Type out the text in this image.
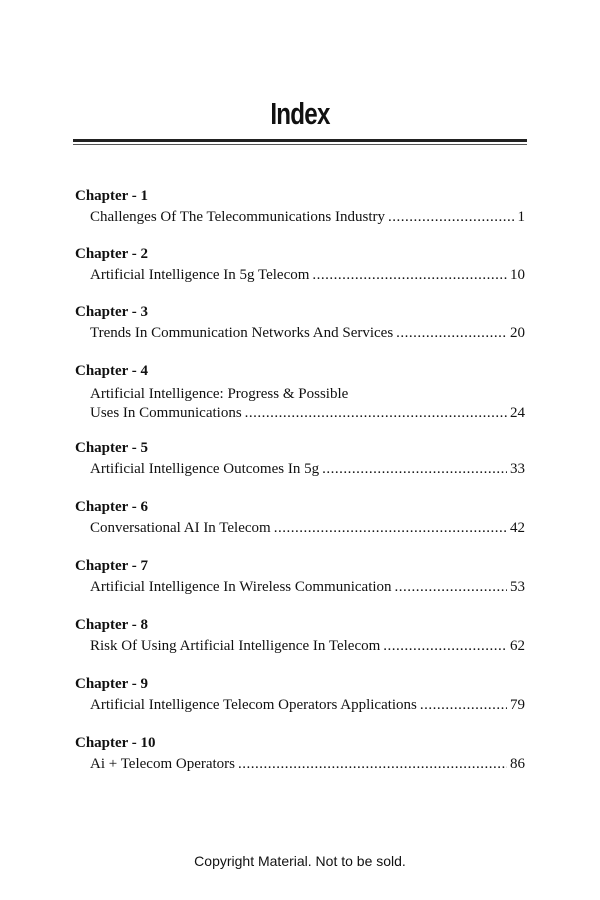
Index
Chapter - 1
Challenges Of The Telecommunications Industry .....	1
Chapter - 2
Artificial Intelligence In 5g Telecom .....	10
Chapter - 3
Trends In Communication Networks And Services .....	20
Chapter - 4
Artificial Intelligence: Progress & Possible
Uses In Communications .....	24
Chapter - 5
Artificial Intelligence Outcomes In 5g .....	33
Chapter - 6
Conversational AI In Telecom .....	42
Chapter - 7
Artificial Intelligence In Wireless Communication .....	53
Chapter - 8
Risk Of Using Artificial Intelligence In Telecom .....	62
Chapter - 9
Artificial Intelligence Telecom Operators Applications .....	79
Chapter - 10
Ai + Telecom Operators .....	86
Copyright Material. Not to be sold.
